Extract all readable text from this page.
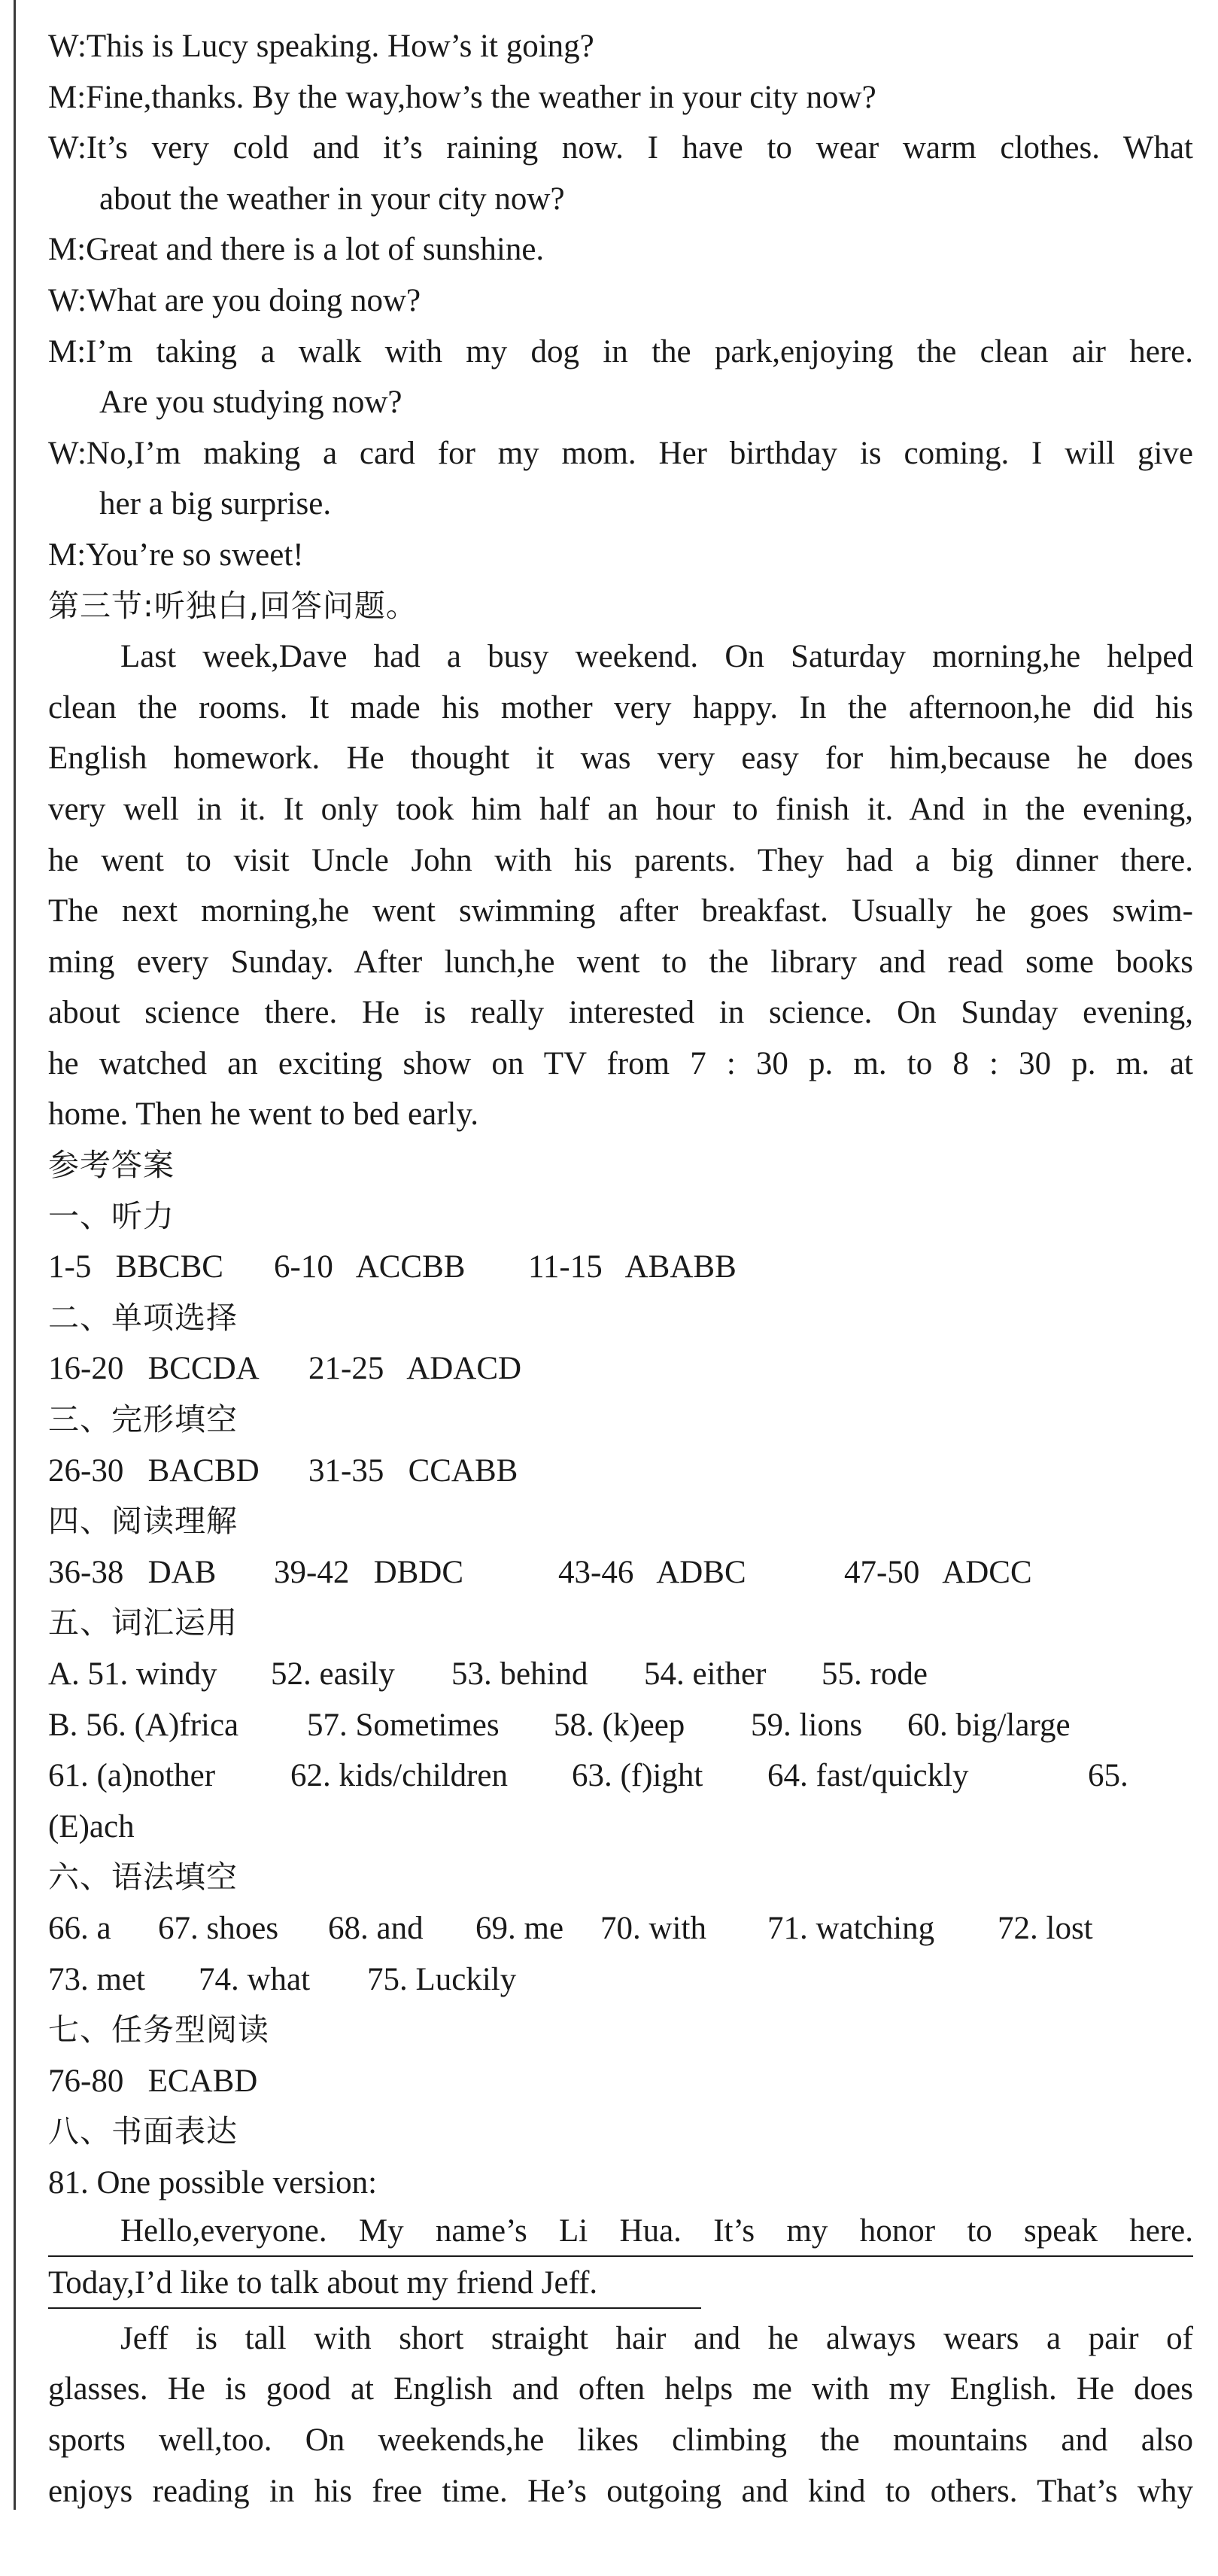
W:This is Lucy speaking. How’s it going?
M:Fine,thanks. By the way,how’s the weather in your city now?
W:It’s very cold and it’s raining now. I have to wear warm clothes. What
about the weather in your city now?
M:Great and there is a lot of sunshine.
W:What are you doing now?
M:I’m taking a walk with my dog in the park,enjoying the clean air here.
Are you studying now?
W:No,I’m making a card for my mom. Her birthday is coming. I will give
her a big surprise.
M:You’re so sweet!
第三节:听独白,回答问题。
Last week,Dave had a busy weekend. On Saturday morning,he helped
clean the rooms. It made his mother very happy. In the afternoon,he did his
English homework. He thought it was very easy for him,because he does
very well in it. It only took him half an hour to finish it. And in the evening,
he went to visit Uncle John with his parents. They had a big dinner there.
The next morning,he went swimming after breakfast. Usually he goes swim-
ming every Sunday. After lunch,he went to the library and read some books
about science there. He is really interested in science. On Sunday evening,
he watched an exciting show on TV from 7 : 30 p. m. to 8 : 30 p. m. at
home. Then he went to bed early.
参考答案
一、听力
1-5   BBCBC 6-10   ACCBB 11-15   ABABB
二、单项选择
16-20   BCCDA 21-25   ADACD
三、完形填空
26-30   BACBD 31-35   CCABB
四、阅读理解
36-38   DAB 39-42   DBDC	43-46   ADBC	47-50   ADCC
五、词汇运用
A. 51. windy 52. easily 53. behind 54. either 55. rode
B. 56. (A)frica 57. Sometimes 58. (k)eep 59. lions 60. big/large
61. (a)nother 62. kids/children 63. (f)ight 64. fast/quickly	65.
(E)ach
六、语法填空
66. a 67. shoes 68. and 69. me 70. with 71. watching 72. lost
73. met 74. what 75. Luckily
七、任务型阅读
76-80   ECABD
八、书面表达
81. One possible version:
Hello,everyone. My name’s Li Hua. It’s my honor to speak here.
Today,I’d like to talk about my friend Jeff.
Jeff is tall with short straight hair and he always wears a pair of
glasses. He is good at English and often helps me with my English. He does
sports well,too. On weekends,he likes climbing the mountains and also
enjoys reading in his free time. He’s outgoing and kind to others. That’s why
